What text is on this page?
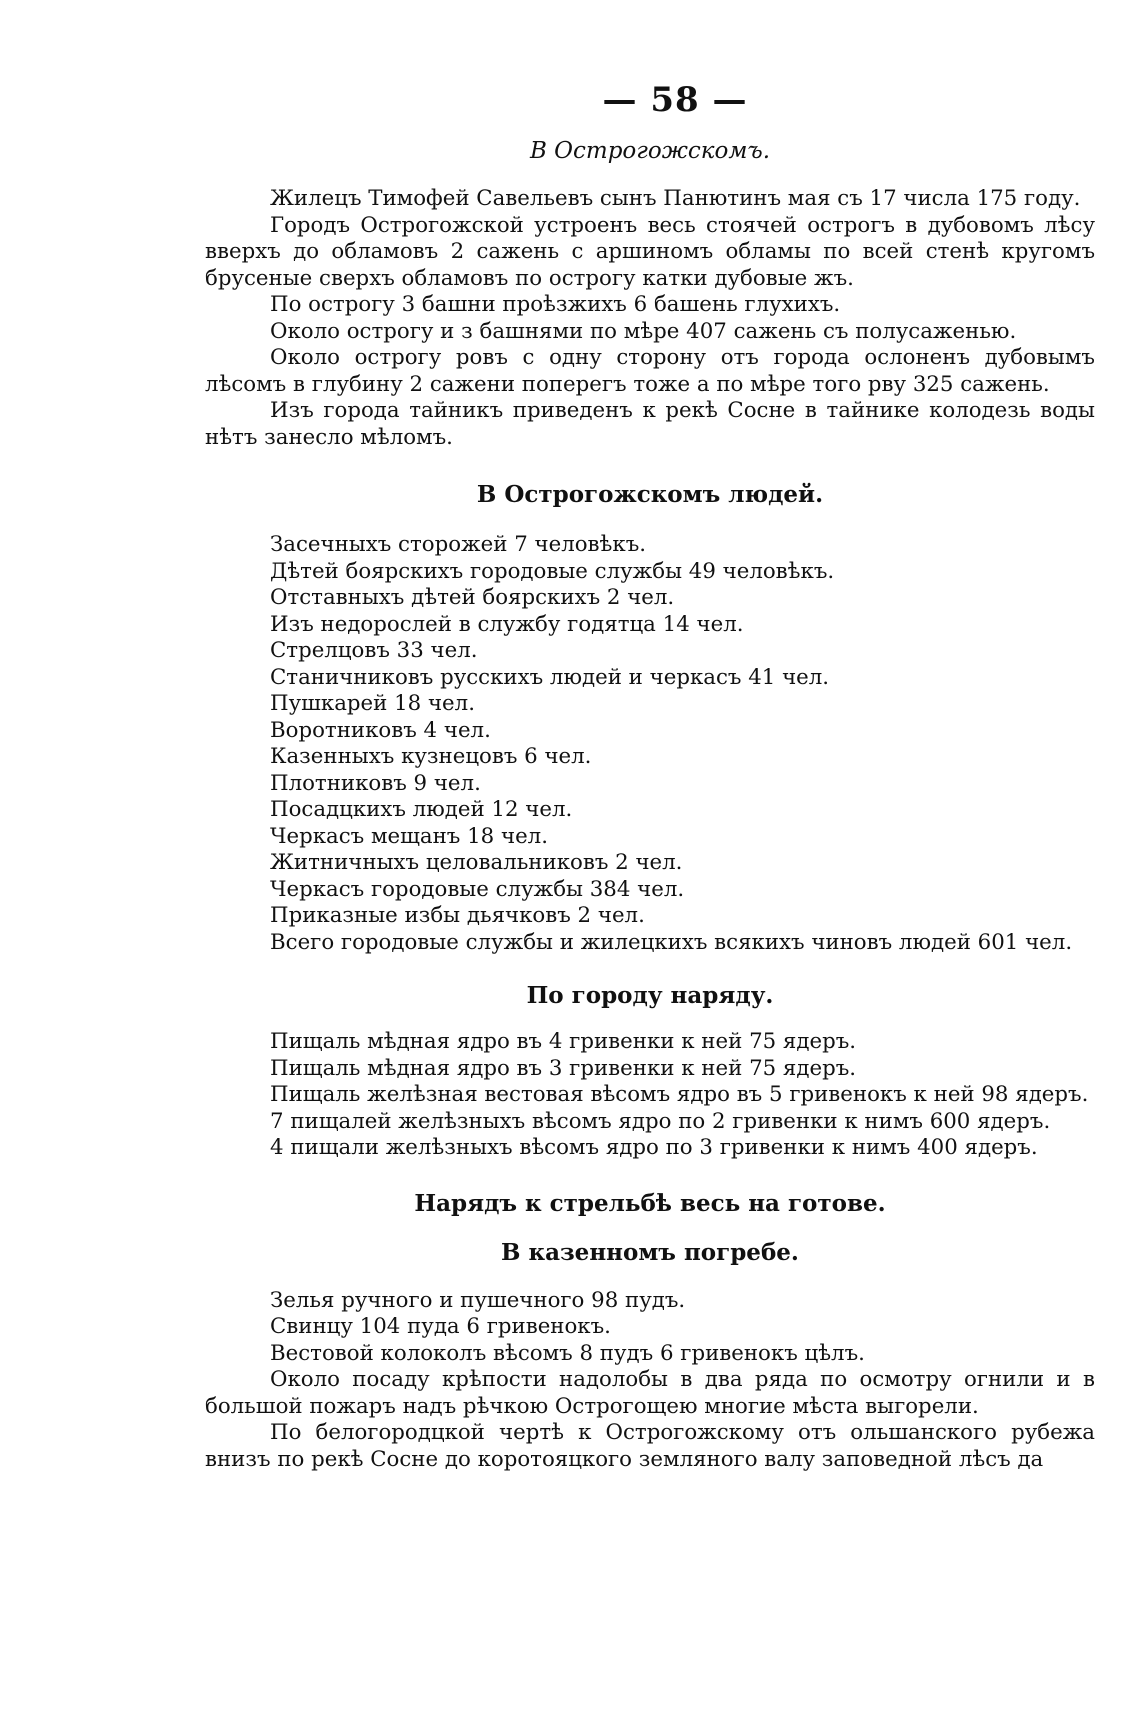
— 58 —
В Острогожскомъ.

Жилецъ Тимофей Савельевъ сынъ Панютинъ мая съ 17 числа 175 году.

Городъ Острогожской устроенъ весь стоячей острогъ в дубовомъ лѣсу вверхъ до обламовъ 2 сажень с аршиномъ обламы по всей стенѣ кругомъ брусеные сверхъ обламовъ по острогу катки дубовые жъ.

По острогу 3 башни проѣзжихъ 6 башень глухихъ.

Около острогу и з башнями по мѣре 407 сажень съ полусаженью.

Около острогу ровъ с одну сторону отъ города ослоненъ дубовымъ лѣсомъ в глубину 2 сажени поперегъ тоже а по мѣре того рву 325 сажень.

Изъ города тайникъ приведенъ к рекѣ Сосне в тайнике колодезь воды нѣтъ занесло мѣломъ.

В Острогожскомъ людей.

Засечныхъ сторожей 7 человѣкъ.

Дѣтей боярскихъ городовые службы 49 человѣкъ.

Отставныхъ дѣтей боярскихъ 2 чел.

Изъ недорослей в службу годятца 14 чел.

Стрелцовъ 33 чел.

Станичниковъ русскихъ людей и черкасъ 41 чел.

Пушкарей 18 чел.

Воротниковъ 4 чел.

Казенныхъ кузнецовъ 6 чел.

Плотниковъ 9 чел.

Посадцкихъ людей 12 чел.

Черкасъ мещанъ 18 чел.

Житничныхъ целовальниковъ 2 чел.

Черкасъ городовые службы 384 чел.

Приказные избы дьячковъ 2 чел.

Всего городовые службы и жилецкихъ всякихъ чиновъ людей 601 чел.

По городу наряду.

Пищаль мѣдная ядро въ 4 гривенки к ней 75 ядеръ.

Пищаль мѣдная ядро въ 3 гривенки к ней 75 ядеръ.

Пищаль желѣзная вестовая вѣсомъ ядро въ 5 гривенокъ к ней 98 ядеръ.

7 пищалей желѣзныхъ вѣсомъ ядро по 2 гривенки к нимъ 600 ядеръ.

4 пищали желѣзныхъ вѣсомъ ядро по 3 гривенки к нимъ 400 ядеръ.

Нарядъ к стрельбѣ весь на готове.
В казенномъ погребе.

Зелья ручного и пушечного 98 пудъ.

Свинцу 104 пуда 6 гривенокъ.

Вестовой колоколъ вѣсомъ 8 пудъ 6 гривенокъ цѣлъ.

Около посаду крѣпости надолобы в два ряда по осмотру огнили и в большой пожаръ надъ рѣчкою Острогощею многие мѣста выгорели.

По белогородцкой чертѣ к Острогожскому отъ ольшанского рубежа внизъ по рекѣ Сосне до коротояцкого земляного валу заповедной лѣсъ да
